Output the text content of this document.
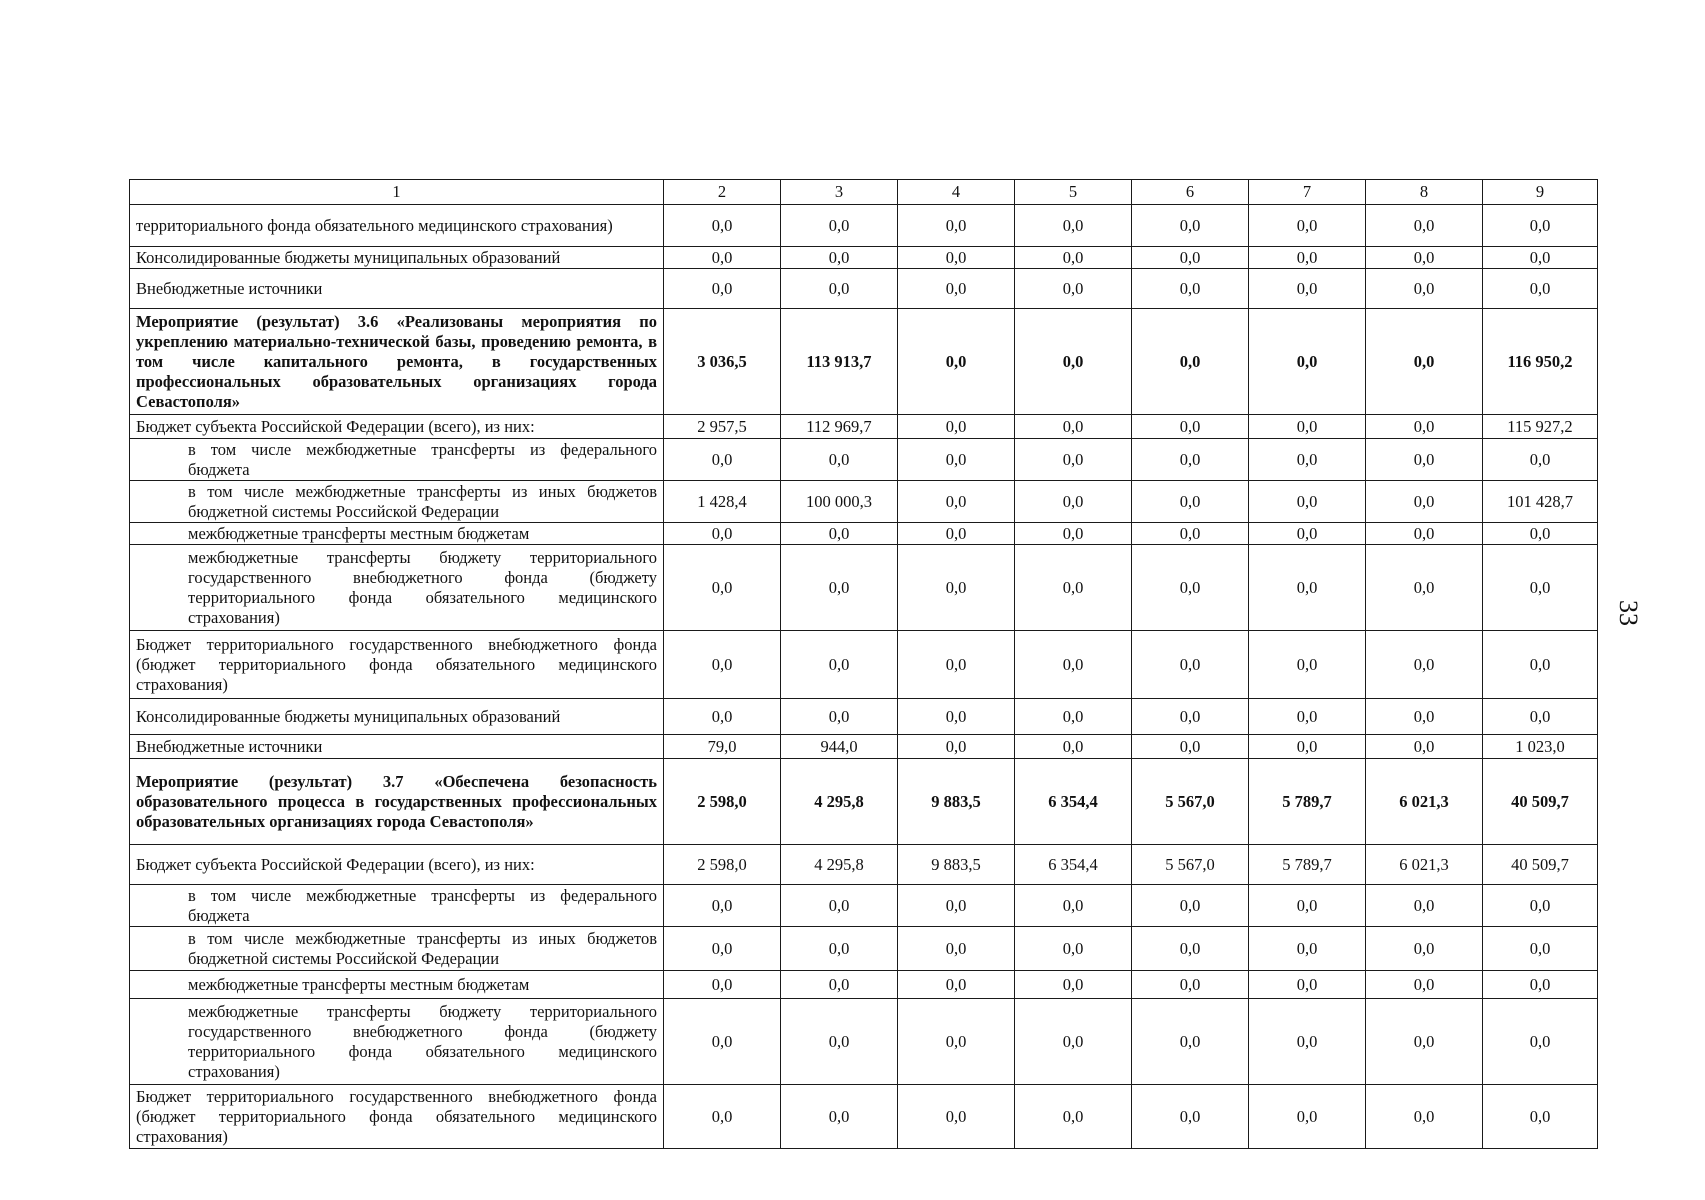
1	2	3	4	5	6	7	8	9
территориального фонда обязательного медицинского страхования)	0,0	0,0	0,0	0,0	0,0	0,0	0,0	0,0
Консолидированные бюджеты муниципальных образований	0,0	0,0	0,0	0,0	0,0	0,0	0,0	0,0
Внебюджетные источники	0,0	0,0	0,0	0,0	0,0	0,0	0,0	0,0
Мероприятие (результат) 3.6 «Реализованы мероприятия по укреплению материально-технической базы, проведению ремонта, в том числе капитального ремонта, в государственных профессиональных образовательных организациях города Севастополя»	3 036,5	113 913,7	0,0	0,0	0,0	0,0	0,0	116 950,2
Бюджет субъекта Российской Федерации (всего), из них:	2 957,5	112 969,7	0,0	0,0	0,0	0,0	0,0	115 927,2
в том числе межбюджетные трансферты из федерального бюджета	0,0	0,0	0,0	0,0	0,0	0,0	0,0	0,0
в том числе межбюджетные трансферты из иных бюджетов бюджетной системы Российской Федерации	1 428,4	100 000,3	0,0	0,0	0,0	0,0	0,0	101 428,7
межбюджетные трансферты местным бюджетам	0,0	0,0	0,0	0,0	0,0	0,0	0,0	0,0
межбюджетные трансферты бюджету территориального государственного внебюджетного фонда (бюджету территориального фонда обязательного медицинского страхования)	0,0	0,0	0,0	0,0	0,0	0,0	0,0	0,0
Бюджет территориального государственного внебюджетного фонда (бюджет территориального фонда обязательного медицинского страхования)	0,0	0,0	0,0	0,0	0,0	0,0	0,0	0,0
Консолидированные бюджеты муниципальных образований	0,0	0,0	0,0	0,0	0,0	0,0	0,0	0,0
Внебюджетные источники	79,0	944,0	0,0	0,0	0,0	0,0	0,0	1 023,0
Мероприятие (результат) 3.7 «Обеспечена безопасность образовательного процесса в государственных профессиональных образовательных организациях города Севастополя»	2 598,0	4 295,8	9 883,5	6 354,4	5 567,0	5 789,7	6 021,3	40 509,7
Бюджет субъекта Российской Федерации (всего), из них:	2 598,0	4 295,8	9 883,5	6 354,4	5 567,0	5 789,7	6 021,3	40 509,7
в том числе межбюджетные трансферты из федерального бюджета	0,0	0,0	0,0	0,0	0,0	0,0	0,0	0,0
в том числе межбюджетные трансферты из иных бюджетов бюджетной системы Российской Федерации	0,0	0,0	0,0	0,0	0,0	0,0	0,0	0,0
межбюджетные трансферты местным бюджетам	0,0	0,0	0,0	0,0	0,0	0,0	0,0	0,0
межбюджетные трансферты бюджету территориального государственного внебюджетного фонда (бюджету территориального фонда обязательного медицинского страхования)	0,0	0,0	0,0	0,0	0,0	0,0	0,0	0,0
Бюджет территориального государственного внебюджетного фонда (бюджет территориального фонда обязательного медицинского страхования)	0,0	0,0	0,0	0,0	0,0	0,0	0,0	0,0
33
